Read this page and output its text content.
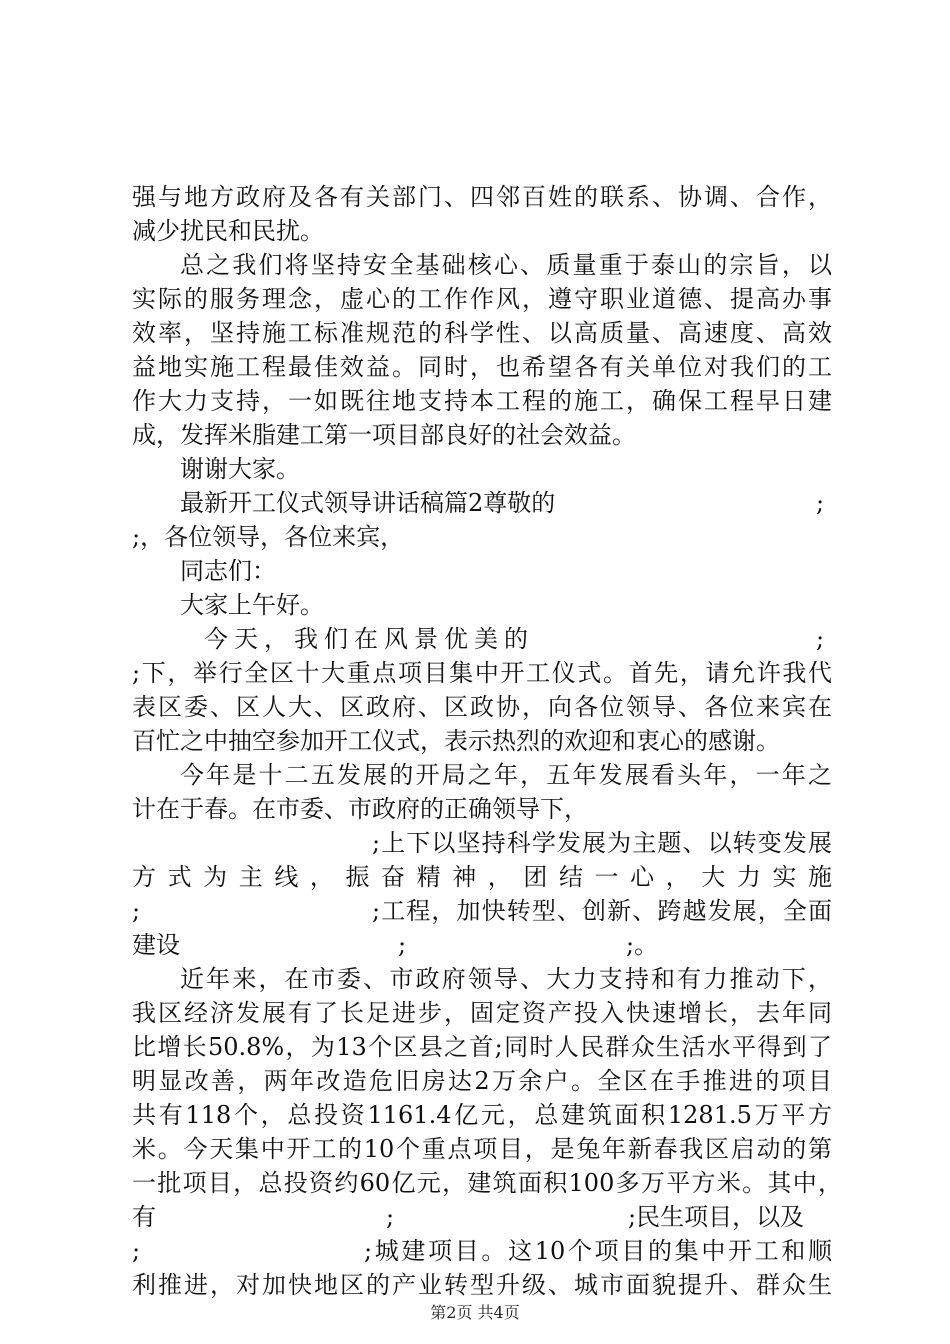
强与地方政府及各有关部门、四邻百姓的联系、协调、合作，
减少扰民和民扰。
总之我们将坚持安全基础核心、质量重于泰山的宗旨，以
实际的服务理念，虚心的工作作风，遵守职业道德、提高办事
效率，坚持施工标准规范的科学性、以高质量、高速度、高效
益地实施工程最佳效益。同时，也希望各有关单位对我们的工
作大力支持，一如既往地支持本工程的施工，确保工程早日建
成，发挥米脂建工第一项目部良好的社会效益。
谢谢大家。
最新开工仪式领导讲话稿篇2尊敬的	;
;，各位领导，各位来宾，
同志们：
大家上午好。
今天，我们在风景优美的	;
;下，举行全区十大重点项目集中开工仪式。首先，请允许我代
表区委、区人大、区政府、区政协，向各位领导、各位来宾在
百忙之中抽空参加开工仪式，表示热烈的欢迎和衷心的感谢。
今年是十二五发展的开局之年，五年发展看头年，一年之
计在于春。在市委、市政府的正确领导下，
;上下以坚持科学发展为主题、以转变发展
方式为主线，振奋精神，团结一心，大力实施
;	;工程，加快转型、创新、跨越发展，全面
建设	;	;。
近年来，在市委、市政府领导、大力支持和有力推动下，
我区经济发展有了长足进步，固定资产投入快速增长，去年同
比增长50.8%，为13个区县之首;同时人民群众生活水平得到了
明显改善，两年改造危旧房达2万余户。全区在手推进的项目
共有118个，总投资1161.4亿元，总建筑面积1281.5万平方
米。今天集中开工的10个重点项目，是兔年新春我区启动的第
一批项目，总投资约60亿元，建筑面积100多万平方米。其中，
有	;	;民生项目，以及
;	;城建项目。这10个项目的集中开工和顺
利推进，对加快地区的产业转型升级、城市面貌提升、群众生
第2页 共4页
